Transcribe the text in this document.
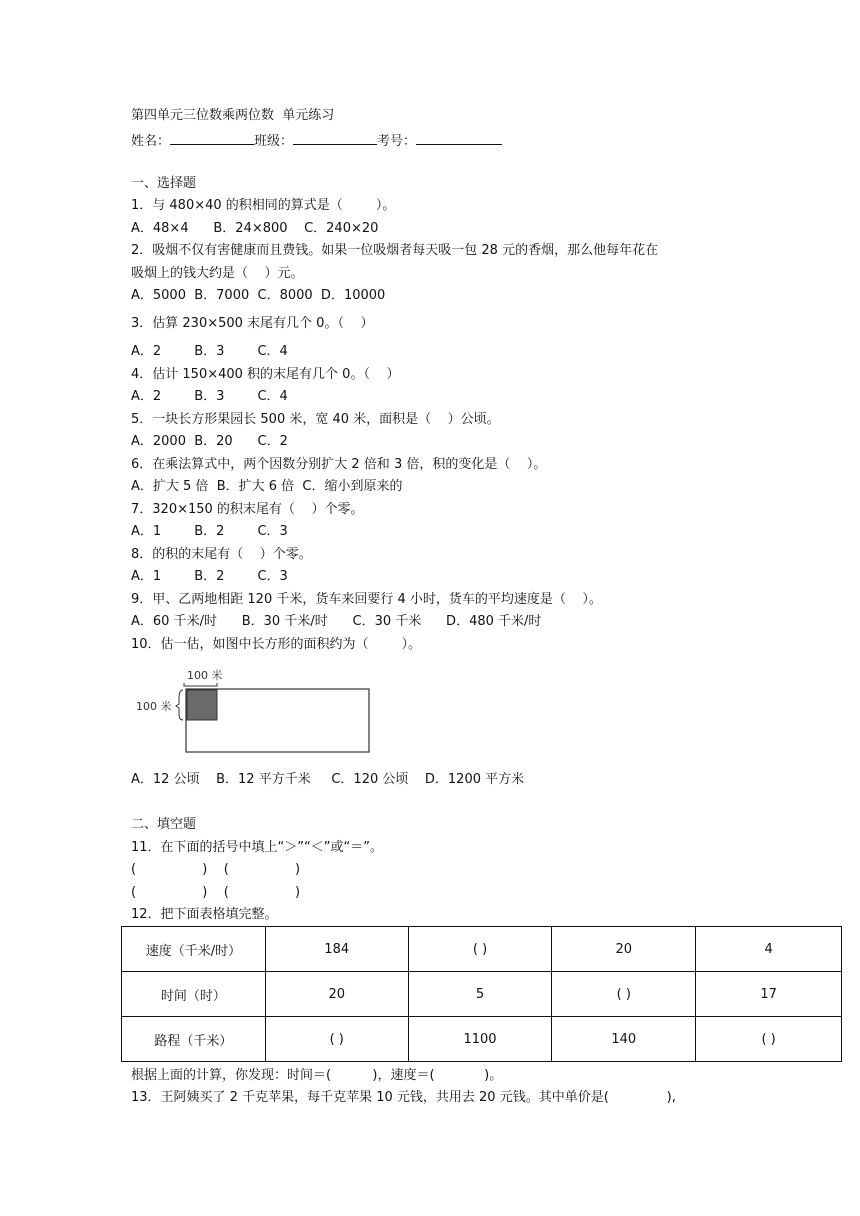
第四单元三位数乘两位数  单元练习
姓名：	班级：	考号：
一、选择题
1．与 480×40 的积相同的算式是（        ）。
A．48×4      B．24×800    C．240×20
2．吸烟不仅有害健康而且费钱。如果一位吸烟者每天吸一包 28 元的香烟，那么他每年花在
吸烟上的钱大约是（    ）元。
A．5000  B．7000  C．8000  D．10000
3．估算 230×500 末尾有几个 0。（    ）
A．2        B．3        C．4
4．估计 150×400 积的末尾有几个 0。（    ）
A．2        B．3        C．4
5．一块长方形果园长 500 米，宽 40 米，面积是（    ）公顷。
A．2000  B．20      C．2
6．在乘法算式中，两个因数分别扩大 2 倍和 3 倍，积的变化是（    ）。
A．扩大 5 倍  B．扩大 6 倍  C．缩小到原来的
7．320×150 的积末尾有（    ）个零。
A．1        B．2        C．3
8．的积的末尾有（    ）个零。
A．1        B．2        C．3
9．甲、乙两地相距 120 千米，货车来回要行 4 小时，货车的平均速度是（    ）。
A．60 千米/时      B．30 千米/时      C．30 千米      D．480 千米/时
10．估一估，如图中长方形的面积约为（        ）。
100 米
100 米
A．12 公顷    B．12 平方千米     C．120 公顷    D．1200 平方米
二、填空题
11．在下面的括号中填上“＞”“＜”或“＝”。
(                )    (                )
(                )    (                )
12．把下面表格填完整。
速度（千米/时）	184	( )	20	4
时间（时）	20	5	( )	17
路程（千米）	( )	1100	140	( )
根据上面的计算，你发现：时间＝(          )，速度＝(            )。
13．王阿姨买了 2 千克苹果，每千克苹果 10 元钱，共用去 20 元钱。其中单价是(              ),
